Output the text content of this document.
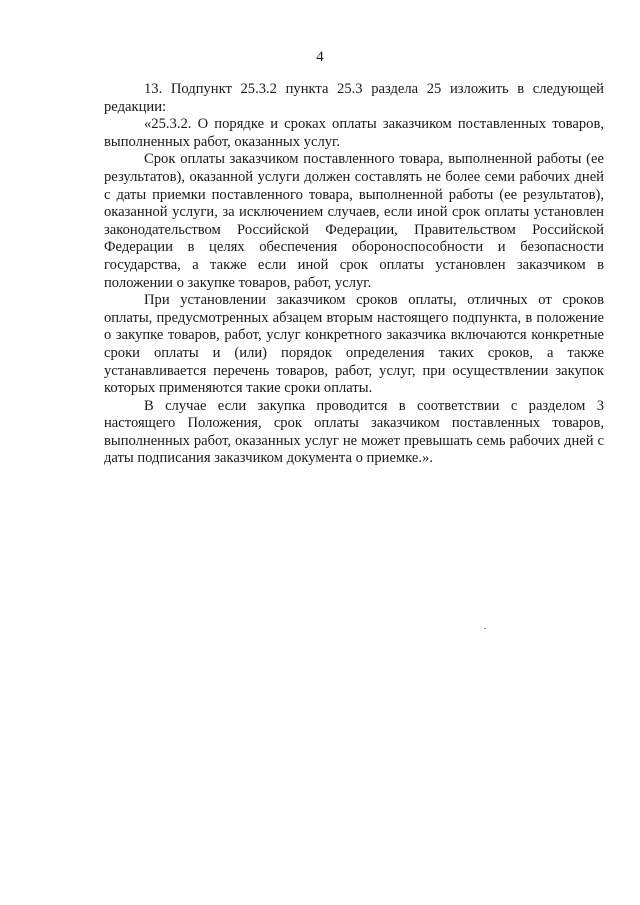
4

13. Подпункт 25.3.2 пункта 25.3 раздела 25 изложить в следующей редакции:

«25.3.2. О порядке и сроках оплаты заказчиком поставленных товаров, выполненных работ, оказанных услуг.

Срок оплаты заказчиком поставленного товара, выполненной работы (ее результатов), оказанной услуги должен составлять не более семи рабочих дней с даты приемки поставленного товара, выполненной работы (ее результатов), оказанной услуги, за исключением случаев, если иной срок оплаты установлен законодательством Российской Федерации, Правительством Российской Федерации в целях обеспечения обороноспособности и безопасности государства, а также если иной срок оплаты установлен заказчиком в положении о закупке товаров, работ, услуг.

При установлении заказчиком сроков оплаты, отличных от сроков оплаты, предусмотренных абзацем вторым настоящего подпункта, в положение о закупке товаров, работ, услуг конкретного заказчика включаются конкретные сроки оплаты и (или) порядок определения таких сроков, а также устанавливается перечень товаров, работ, услуг, при осуществлении закупок которых применяются такие сроки оплаты.

В случае если закупка проводится в соответствии с разделом 3 настоящего Положения, срок оплаты заказчиком поставленных товаров, выполненных работ, оказанных услуг не может превышать семь рабочих дней с даты подписания заказчиком документа о приемке.».
